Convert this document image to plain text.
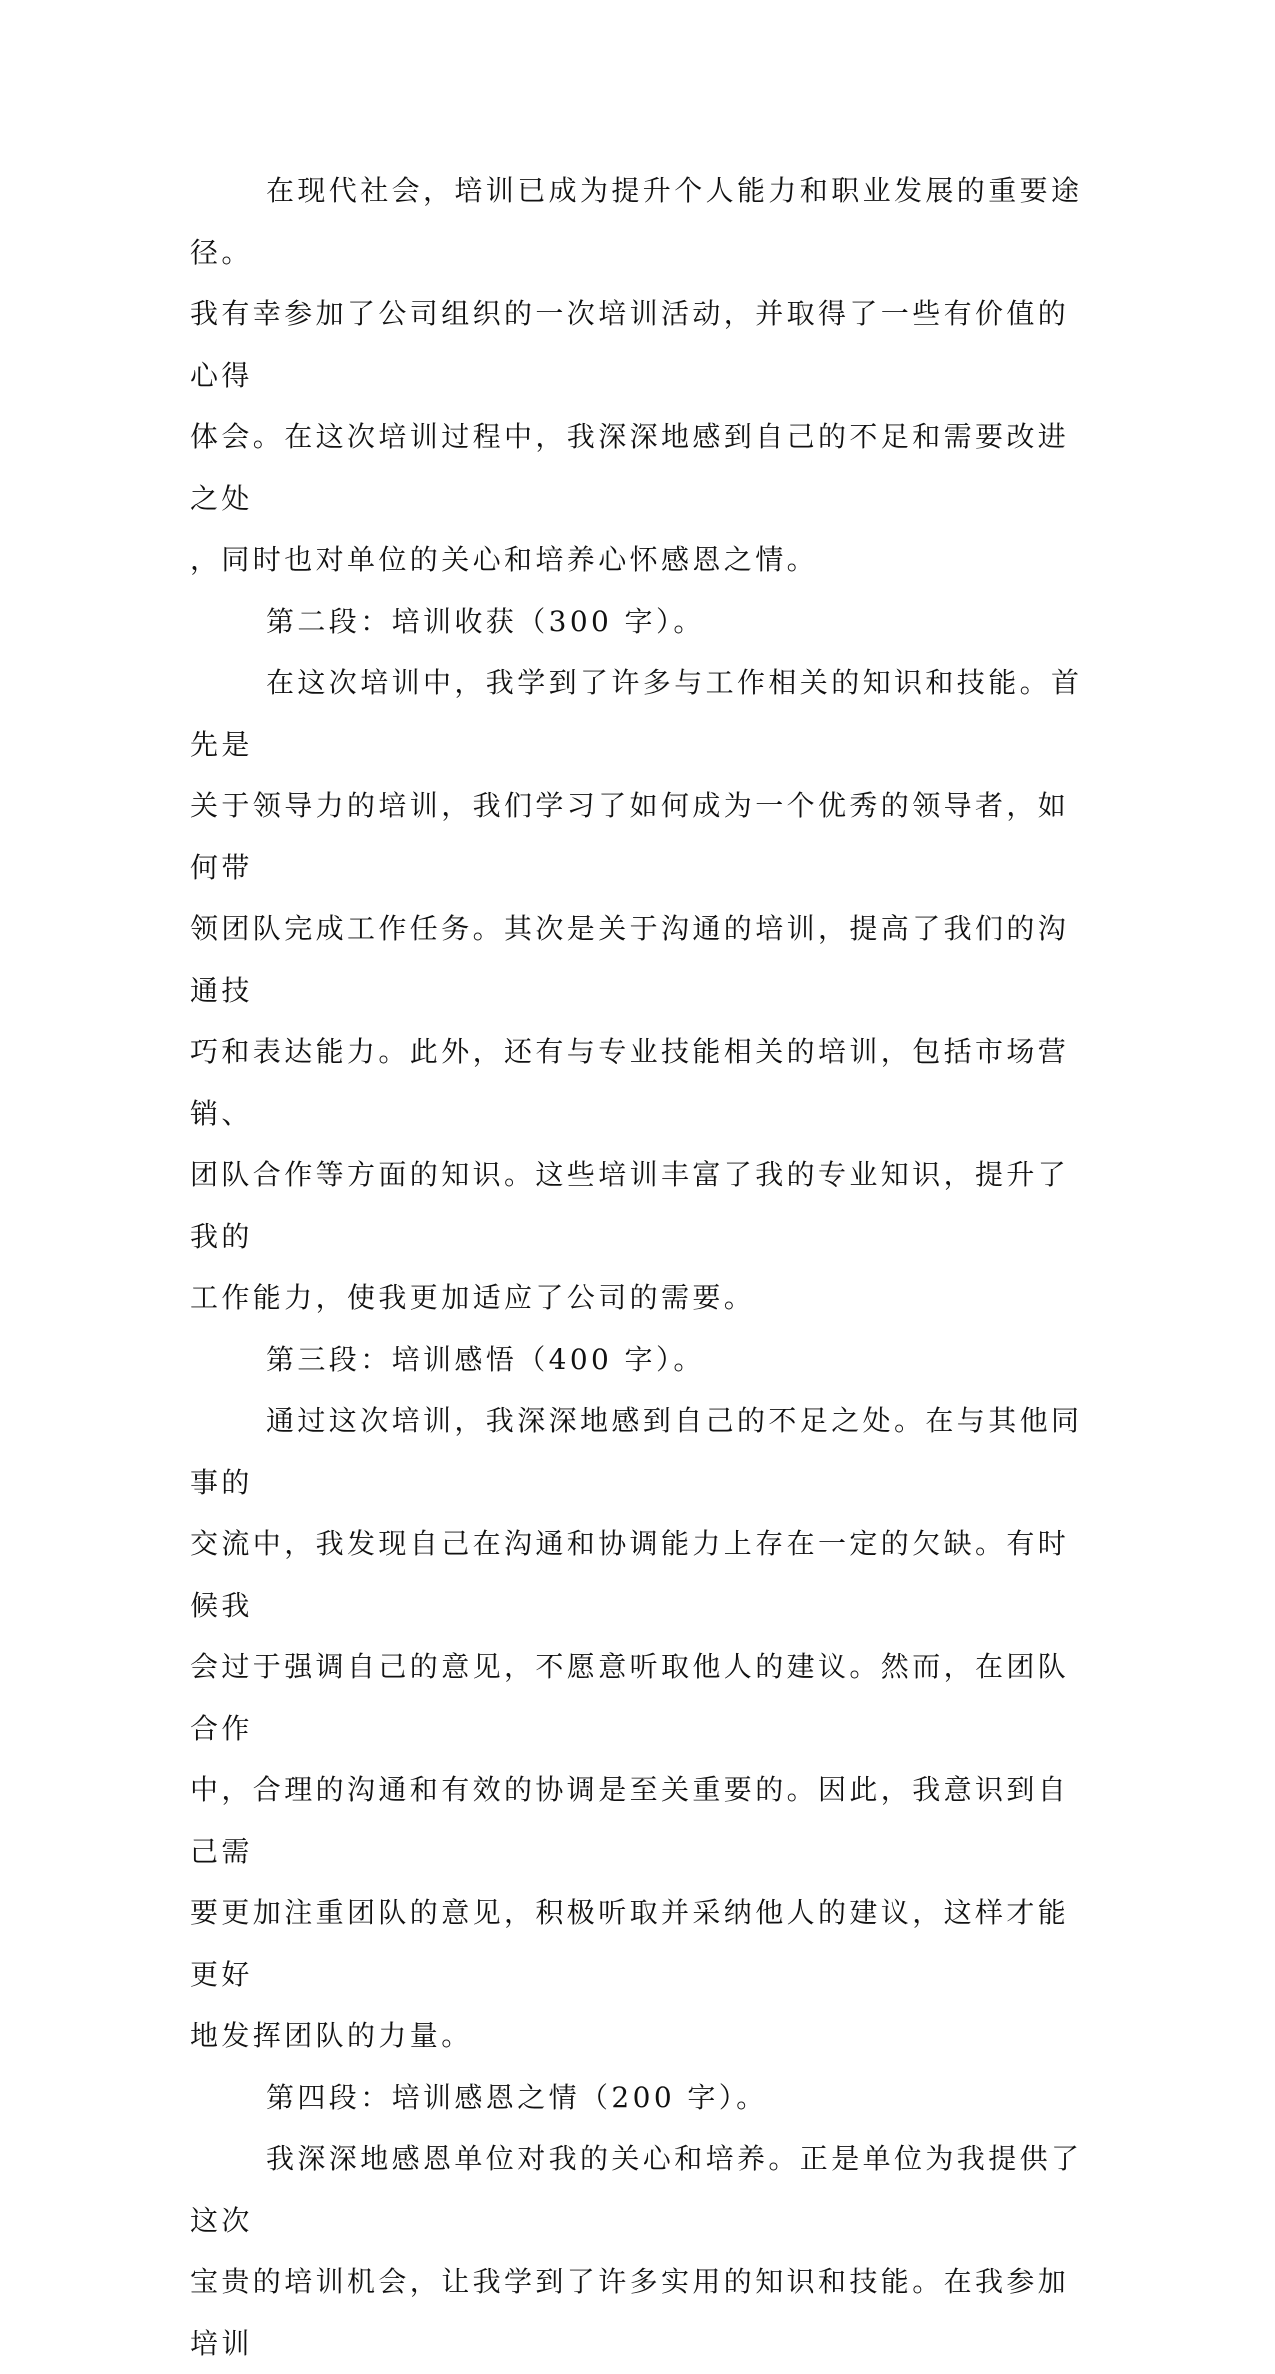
在现代社会，培训已成为提升个人能力和职业发展的重要途径。
我有幸参加了公司组织的一次培训活动，并取得了一些有价值的心得
体会。在这次培训过程中，我深深地感到自己的不足和需要改进之处
，同时也对单位的关心和培养心怀感恩之情。

第二段：培训收获（300 字）。

在这次培训中，我学到了许多与工作相关的知识和技能。首先是
关于领导力的培训，我们学习了如何成为一个优秀的领导者，如何带
领团队完成工作任务。其次是关于沟通的培训，提高了我们的沟通技
巧和表达能力。此外，还有与专业技能相关的培训，包括市场营销、
团队合作等方面的知识。这些培训丰富了我的专业知识，提升了我的
工作能力，使我更加适应了公司的需要。

第三段：培训感悟（400 字）。

通过这次培训，我深深地感到自己的不足之处。在与其他同事的
交流中，我发现自己在沟通和协调能力上存在一定的欠缺。有时候我
会过于强调自己的意见，不愿意听取他人的建议。然而，在团队合作
中，合理的沟通和有效的协调是至关重要的。因此，我意识到自己需
要更加注重团队的意见，积极听取并采纳他人的建议，这样才能更好
地发挥团队的力量。

第四段：培训感恩之情（200 字）。

我深深地感恩单位对我的关心和培养。正是单位为我提供了这次
宝贵的培训机会，让我学到了许多实用的知识和技能。在我参加培训
